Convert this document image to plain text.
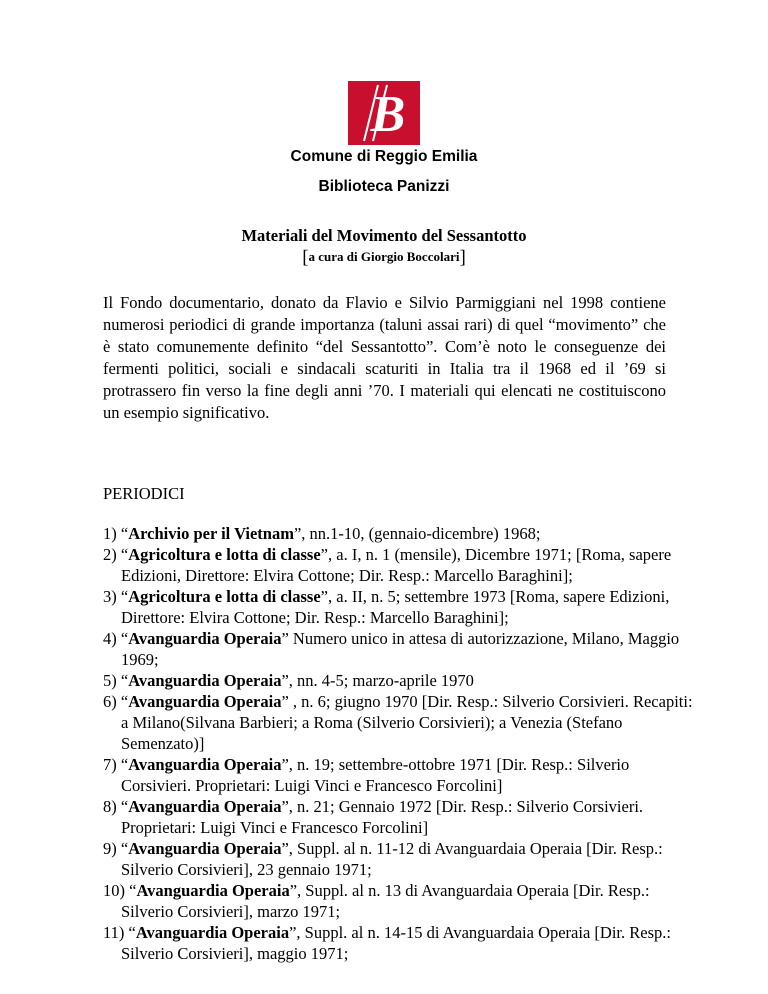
B
Comune di Reggio Emilia
Biblioteca Panizzi
Materiali del Movimento del Sessantotto
[a cura di Giorgio Boccolari]

Il Fondo documentario, donato da Flavio e Silvio Parmiggiani nel 1998 contiene numerosi periodici di grande importanza (taluni assai rari) di quel “movimento” che è stato comunemente definito “del Sessantotto”. Com’è noto le conseguenze dei fermenti politici, sociali e sindacali scaturiti in Italia tra il 1968 ed il ’69 si protrassero fin verso la fine degli anni ’70. I materiali qui elencati ne costituiscono un esempio significativo.

PERIODICI
1) “Archivio per il Vietnam”, nn.1-10, (gennaio-dicembre) 1968;
2) “Agricoltura e lotta di classe”, a. I, n. 1 (mensile), Dicembre 1971; [Roma, sapere Edizioni, Direttore: Elvira Cottone; Dir. Resp.: Marcello Baraghini];
3) “Agricoltura e lotta di classe”, a. II, n. 5; settembre 1973 [Roma, sapere Edizioni, Direttore: Elvira Cottone; Dir. Resp.: Marcello Baraghini];
4) “Avanguardia Operaia” Numero unico in attesa di autorizzazione, Milano, Maggio 1969;
5) “Avanguardia Operaia”, nn. 4-5; marzo-aprile 1970
6) “Avanguardia Operaia” , n. 6; giugno 1970 [Dir. Resp.: Silverio Corsivieri. Recapiti: a Milano(Silvana Barbieri; a Roma (Silverio Corsivieri); a Venezia (Stefano Semenzato)]
7) “Avanguardia Operaia”, n. 19; settembre-ottobre 1971 [Dir. Resp.: Silverio Corsivieri. Proprietari: Luigi Vinci e Francesco Forcolini]
8) “Avanguardia Operaia”, n. 21; Gennaio 1972 [Dir. Resp.: Silverio Corsivieri. Proprietari: Luigi Vinci e Francesco Forcolini]
9) “Avanguardia Operaia”, Suppl. al n. 11-12 di Avanguardaia Operaia [Dir. Resp.: Silverio Corsivieri], 23 gennaio 1971;
10) “Avanguardia Operaia”, Suppl. al n. 13 di Avanguardaia Operaia [Dir. Resp.: Silverio Corsivieri], marzo 1971;
11) “Avanguardia Operaia”, Suppl. al n. 14-15 di Avanguardaia Operaia [Dir. Resp.: Silverio Corsivieri], maggio 1971;
